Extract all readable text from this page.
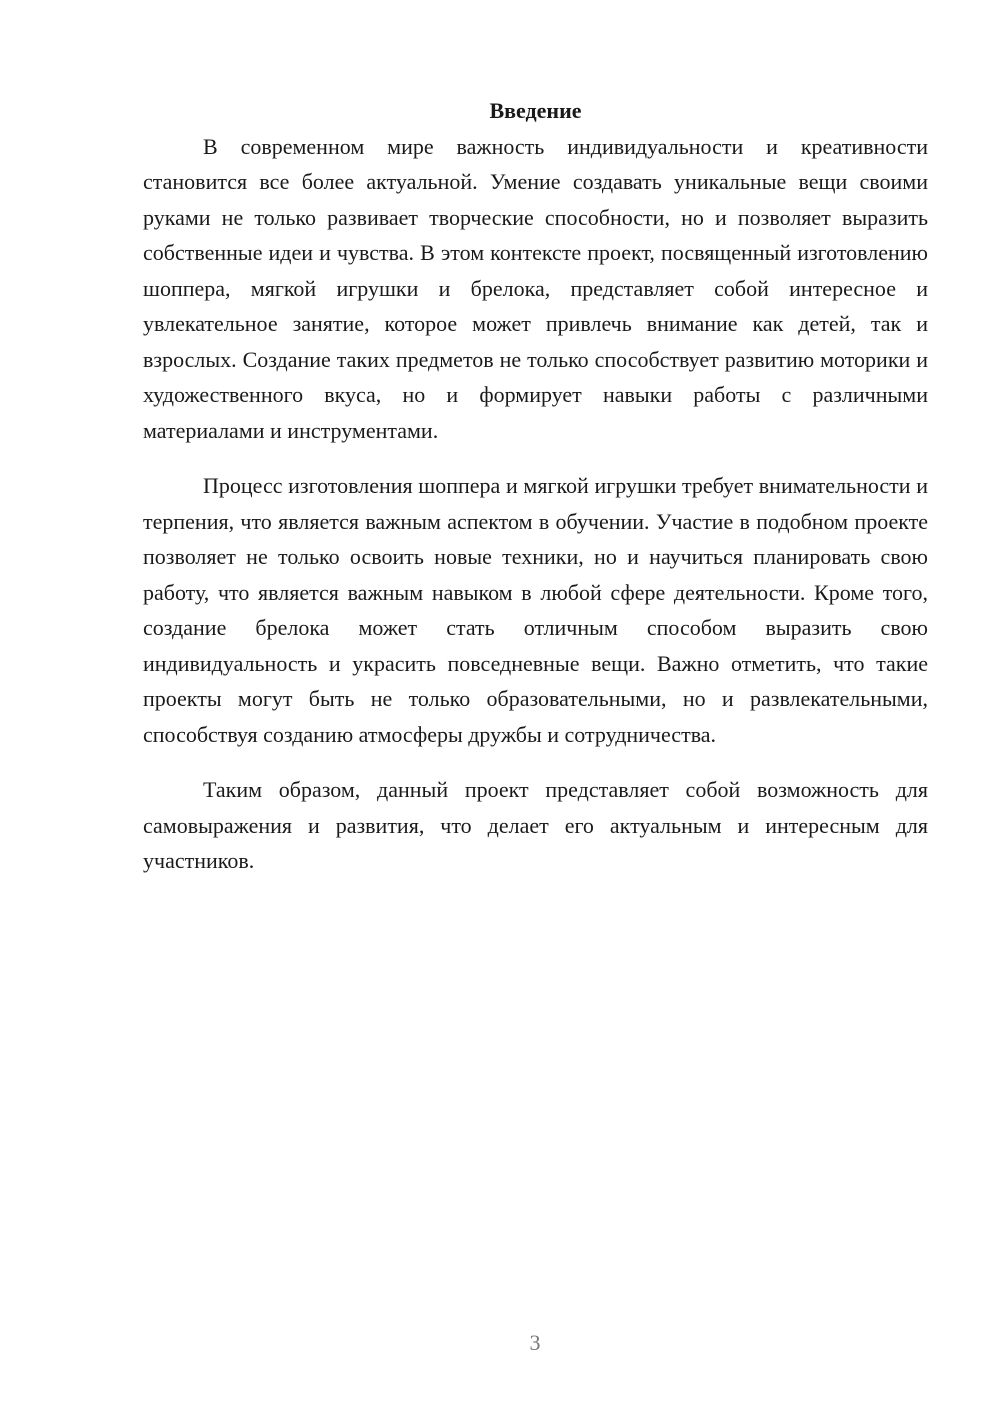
Введение

В современном мире важность индивидуальности и креативности становится все более актуальной. Умение создавать уникальные вещи своими руками не только развивает творческие способности, но и позволяет выразить собственные идеи и чувства. В этом контексте проект, посвященный изготовлению шоппера, мягкой игрушки и брелока, представляет собой интересное и увлекательное занятие, которое может привлечь внимание как детей, так и взрослых. Создание таких предметов не только способствует развитию моторики и художественного вкуса, но и формирует навыки работы с различными материалами и инструментами.

Процесс изготовления шоппера и мягкой игрушки требует внимательности и терпения, что является важным аспектом в обучении. Участие в подобном проекте позволяет не только освоить новые техники, но и научиться планировать свою работу, что является важным навыком в любой сфере деятельности. Кроме того, создание брелока может стать отличным способом выразить свою индивидуальность и украсить повседневные вещи. Важно отметить, что такие проекты могут быть не только образовательными, но и развлекательными, способствуя созданию атмосферы дружбы и сотрудничества.

Таким образом, данный проект представляет собой возможность для самовыражения и развития, что делает его актуальным и интересным для участников.

3
